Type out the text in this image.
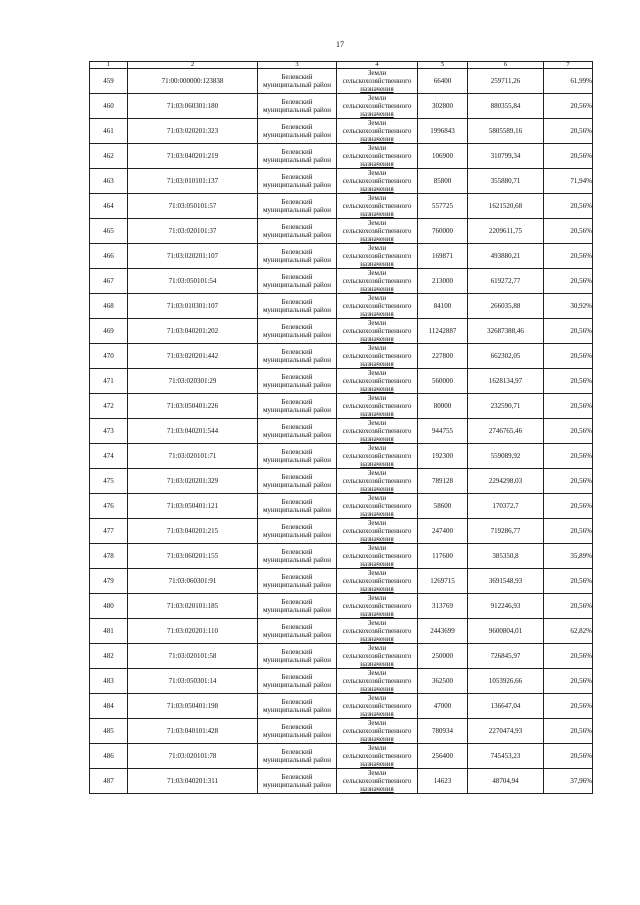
17
1	2	3	4	5	6	7
459	71:00:000000:123838	Белевский
муниципальный район	Земли
сельскохозяйственного
назначения	66400	259711,26	61,99%
460	71:03:060301:180	Белевский
муниципальный район	Земли
сельскохозяйственного
назначения	302800	880355,84	20,56%
461	71:03:020201:323	Белевский
муниципальный район	Земли
сельскохозяйственного
назначения	1996843	5805589,16	20,56%
462	71:03:040201:219	Белевский
муниципальный район	Земли
сельскохозяйственного
назначения	106900	310799,34	20,56%
463	71:03:010101:137	Белевский
муниципальный район	Земли
сельскохозяйственного
назначения	85800	355880,71	71,94%
464	71:03:050101:57	Белевский
муниципальный район	Земли
сельскохозяйственного
назначения	557725	1621520,68	20,56%
465	71:03:020101:37	Белевский
муниципальный район	Земли
сельскохозяйственного
назначения	760000	2209611,75	20,56%
466	71:03:020201:107	Белевский
муниципальный район	Земли
сельскохозяйственного
назначения	169871	493880,21	20,56%
467	71:03:050101:54	Белевский
муниципальный район	Земли
сельскохозяйственного
назначения	213000	619272,77	20,56%
468	71:03:010301:107	Белевский
муниципальный район	Земли
сельскохозяйственного
назначения	84100	266035,88	30,92%
469	71:03:040201:202	Белевский
муниципальный район	Земли
сельскохозяйственного
назначения	11242887	32687388,46	20,56%
470	71:03:020201:442	Белевский
муниципальный район	Земли
сельскохозяйственного
назначения	227800	662302,05	20,56%
471	71:03:020301:29	Белевский
муниципальный район	Земли
сельскохозяйственного
назначения	560000	1628134,97	20,56%
472	71:03:050401:226	Белевский
муниципальный район	Земли
сельскохозяйственного
назначения	80000	232590,71	20,56%
473	71:03:040201:544	Белевский
муниципальный район	Земли
сельскохозяйственного
назначения	944755	2746765,46	20,56%
474	71:03:020101:71	Белевский
муниципальный район	Земли
сельскохозяйственного
назначения	192300	559089,92	20,56%
475	71:03:020201:329	Белевский
муниципальный район	Земли
сельскохозяйственного
назначения	789128	2294298,03	20,56%
476	71:03:050401:121	Белевский
муниципальный район	Земли
сельскохозяйственного
назначения	58600	170372,7	20,56%
477	71:03:040201:215	Белевский
муниципальный район	Земли
сельскохозяйственного
назначения	247400	719286,77	20,56%
478	71:03:060201:155	Белевский
муниципальный район	Земли
сельскохозяйственного
назначения	117600	385350,8	35,89%
479	71:03:060301:91	Белевский
муниципальный район	Земли
сельскохозяйственного
назначения	1269715	3691548,93	20,56%
480	71:03:020101:185	Белевский
муниципальный район	Земли
сельскохозяйственного
назначения	313769	912246,93	20,56%
481	71:03:020201:110	Белевский
муниципальный район	Земли
сельскохозяйственного
назначения	2443699	9600804,01	62,82%
482	71:03:020101:58	Белевский
муниципальный район	Земли
сельскохозяйственного
назначения	250000	726845,97	20,56%
483	71:03:050301:14	Белевский
муниципальный район	Земли
сельскохозяйственного
назначения	362500	1053926,66	20,56%
484	71:03:050401:198	Белевский
муниципальный район	Земли
сельскохозяйственного
назначения	47000	136647,04	20,56%
485	71:03:040101:428	Белевский
муниципальный район	Земли
сельскохозяйственного
назначения	780934	2270474,93	20,56%
486	71:03:020101:78	Белевский
муниципальный район	Земли
сельскохозяйственного
назначения	256400	745453,23	20,56%
487	71:03:040201:311	Белевский
муниципальный район	Земли
сельскохозяйственного
назначения	14623	48704,94	37,96%
